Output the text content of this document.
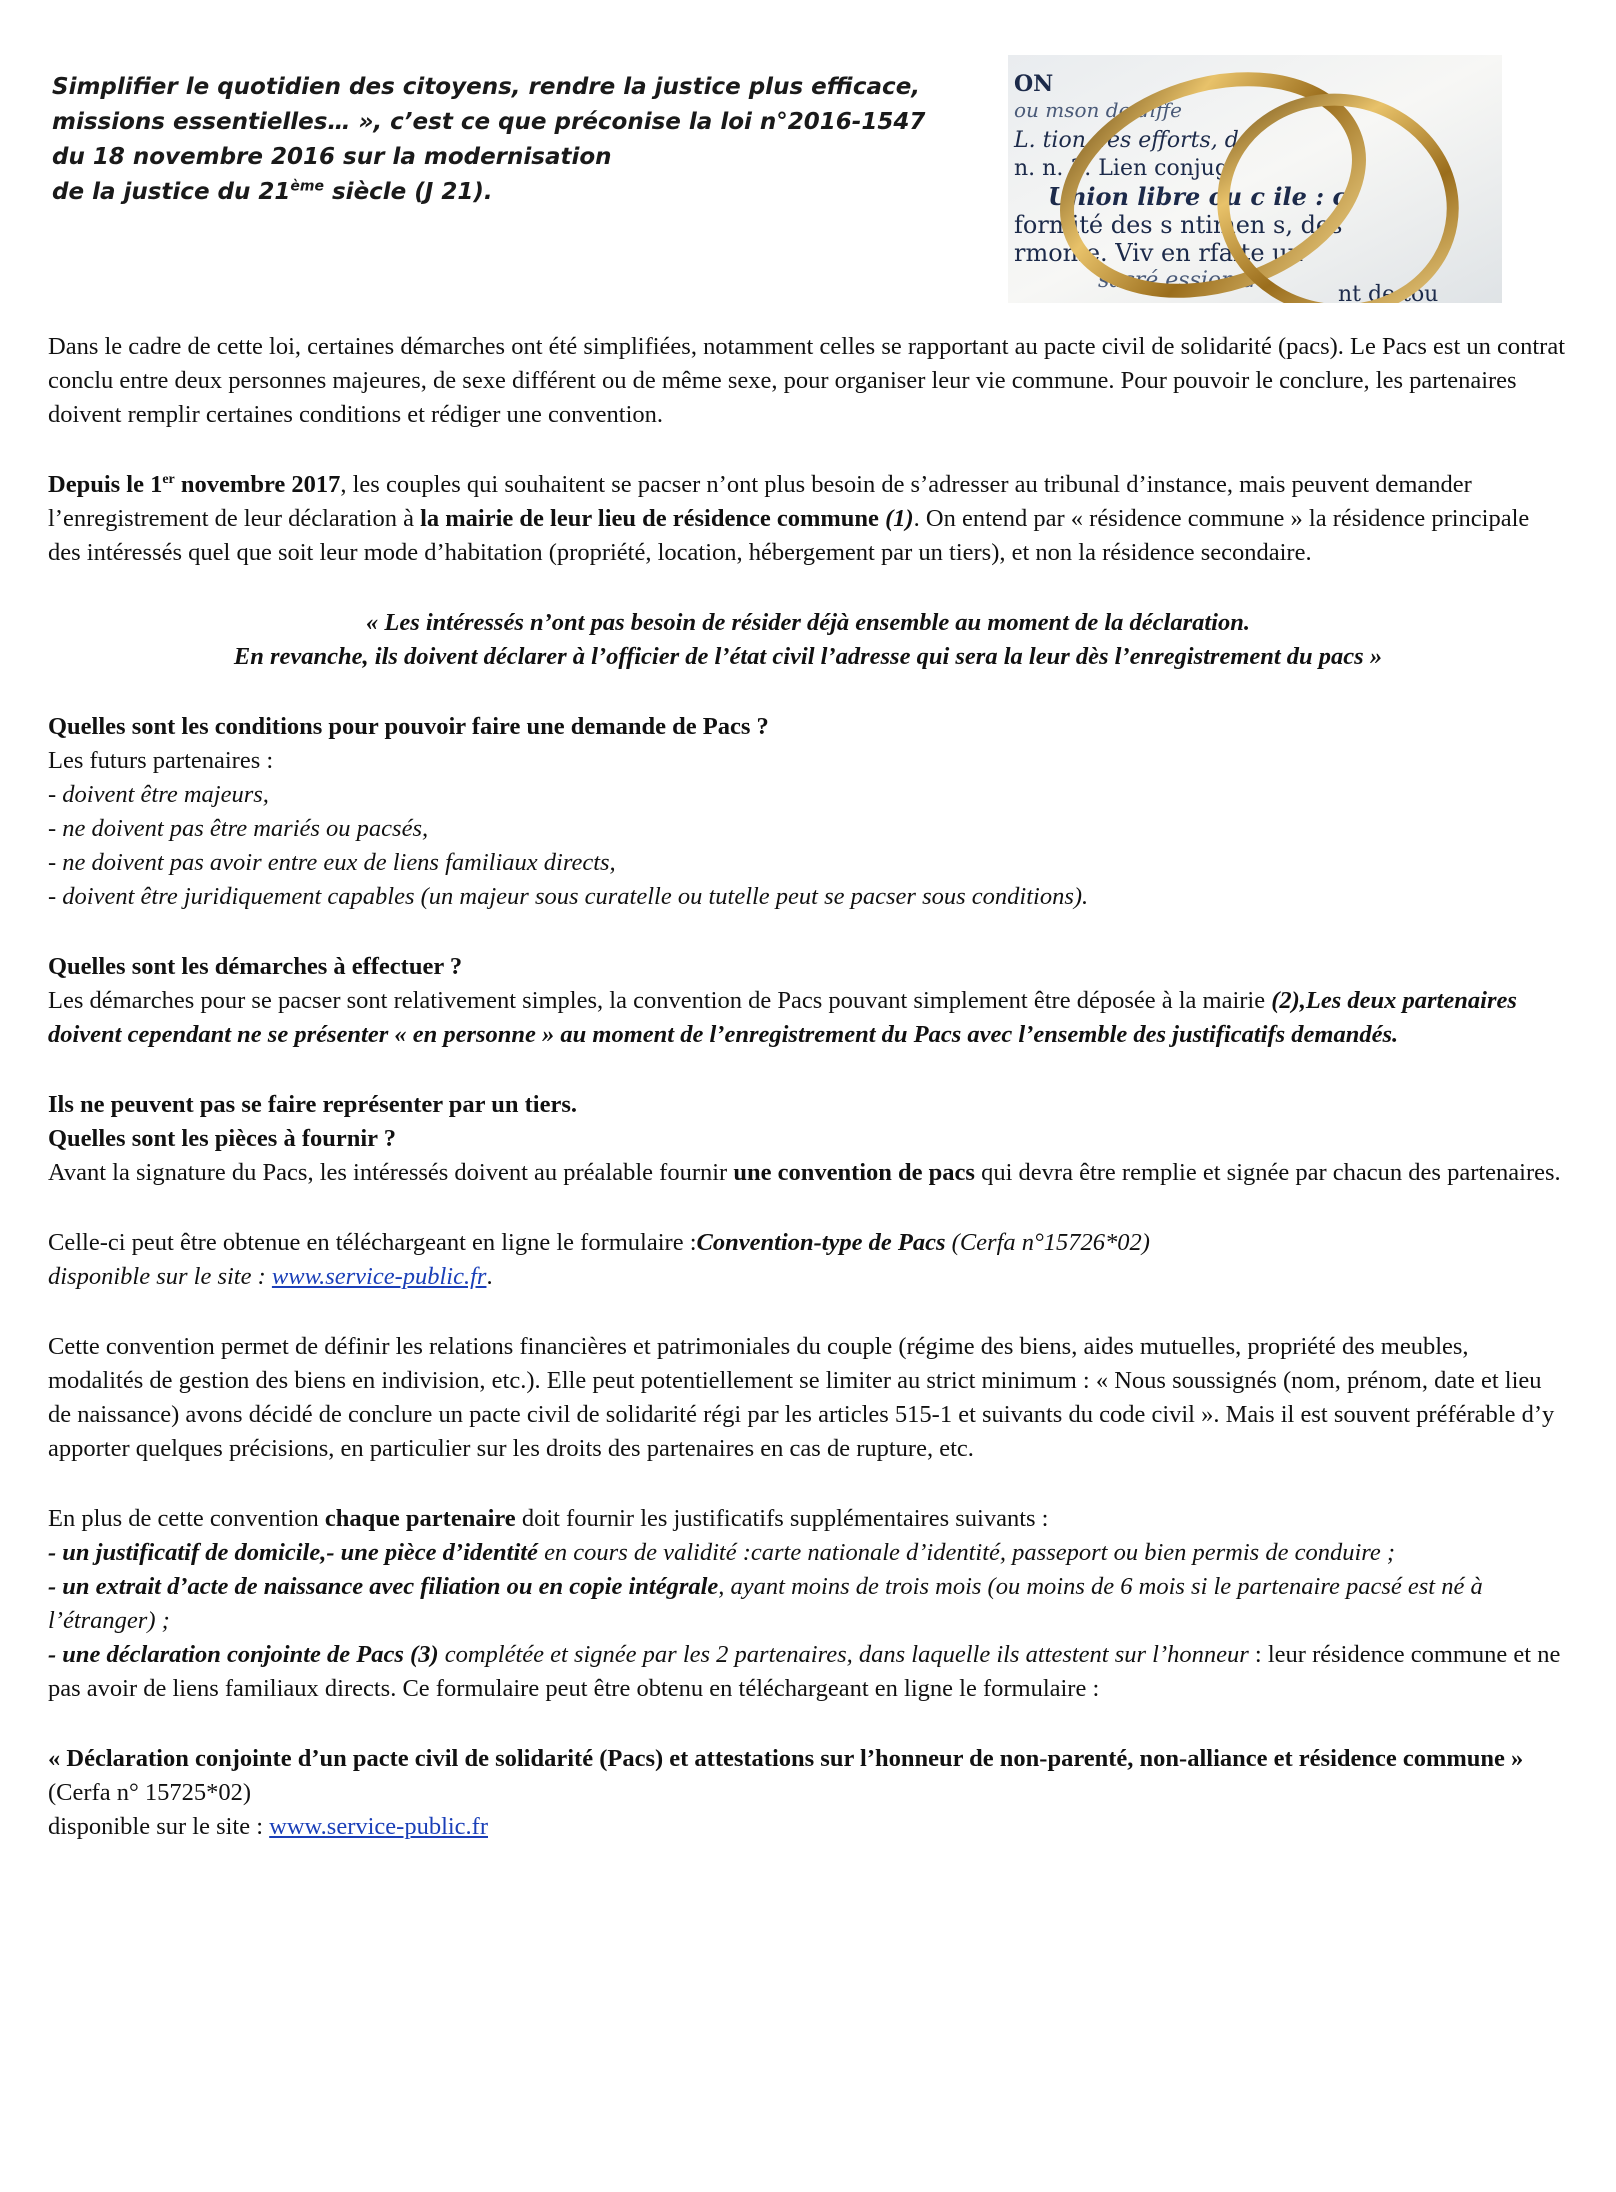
Simplifier le quotidien des citoyens, rendre la justice plus efficace,
missions essentielles… », c’est ce que préconise la loi n°2016-1547
du 18 novembre 2016 sur la modernisation
de la justice du 21ème siècle (J 21).
ON
ou mson de diffe
L. tion des efforts, de
n. n. 3. Lien conjug
Union libre ou c ile : c
formité des s ntimen s, des
rmonie. Viv en rfaite un
sacré ession d
nt de tou

Dans le cadre de cette loi, certaines démarches ont été simplifiées, notamment celles se rapportant au pacte civil de solidarité (pacs). Le Pacs est un contrat conclu entre deux personnes majeures, de sexe différent ou de même sexe, pour organiser leur vie commune. Pour pouvoir le conclure, les partenaires doivent remplir certaines conditions et rédiger une convention.

Depuis le 1er novembre 2017, les couples qui souhaitent se pacser n’ont plus besoin de s’adresser au tribunal d’instance, mais peuvent demander l’enregistrement de leur déclaration à la mairie de leur lieu de résidence commune (1). On entend par « résidence commune » la résidence principale des intéressés quel que soit leur mode d’habitation (propriété, location, hébergement par un tiers), et non la résidence secondaire.

« Les intéressés n’ont pas besoin de résider déjà ensemble au moment de la déclaration.

En revanche, ils doivent déclarer à l’officier de l’état civil l’adresse qui sera la leur dès l’enregistrement du pacs »

Quelles sont les conditions pour pouvoir faire une demande de Pacs ?

Les futurs partenaires :

- doivent être majeurs,

- ne doivent pas être mariés ou pacsés,

- ne doivent pas avoir entre eux de liens familiaux directs,

- doivent être juridiquement capables (un majeur sous curatelle ou tutelle peut se pacser sous conditions).

Quelles sont les démarches à effectuer ?

Les démarches pour se pacser sont relativement simples, la convention de Pacs pouvant simplement être déposée à la mairie (2),Les deux partenaires doivent cependant ne se présenter « en personne » au moment de l’enregistrement du Pacs avec l’ensemble des justificatifs demandés.

Ils ne peuvent pas se faire représenter par un tiers.

Quelles sont les pièces à fournir ?

Avant la signature du Pacs, les intéressés doivent au préalable fournir une convention de pacs qui devra être remplie et signée par chacun des partenaires.

Celle-ci peut être obtenue en téléchargeant en ligne le formulaire :Convention-type de Pacs (Cerfa n°15726*02)
disponible sur le site : www.service-public.fr.

Cette convention permet de définir les relations financières et patrimoniales du couple (régime des biens, aides mutuelles, propriété des meubles, modalités de gestion des biens en indivision, etc.). Elle peut potentiellement se limiter au strict minimum : « Nous soussignés (nom, prénom, date et lieu de naissance) avons décidé de conclure un pacte civil de solidarité régi par les articles 515-1 et suivants du code civil ». Mais il est souvent préférable d’y apporter quelques précisions, en particulier sur les droits des partenaires en cas de rupture, etc.

En plus de cette convention chaque partenaire doit fournir les justificatifs supplémentaires suivants :

- un justificatif de domicile,- une pièce d’identité en cours de validité :carte nationale d’identité, passeport ou bien permis de conduire ;

- un extrait d’acte de naissance avec filiation ou en copie intégrale, ayant moins de trois mois (ou moins de 6 mois si le partenaire pacsé est né à l’étranger) ;

- une déclaration conjointe de Pacs (3) complétée et signée par les 2 partenaires, dans laquelle ils attestent sur l’honneur : leur résidence commune et ne pas avoir de liens familiaux directs. Ce formulaire peut être obtenu en téléchargeant en ligne le formulaire :

« Déclaration conjointe d’un pacte civil de solidarité (Pacs) et attestations sur l’honneur de non-parenté, non-alliance et résidence commune »

(Cerfa n° 15725*02)

disponible sur le site : www.service-public.fr
